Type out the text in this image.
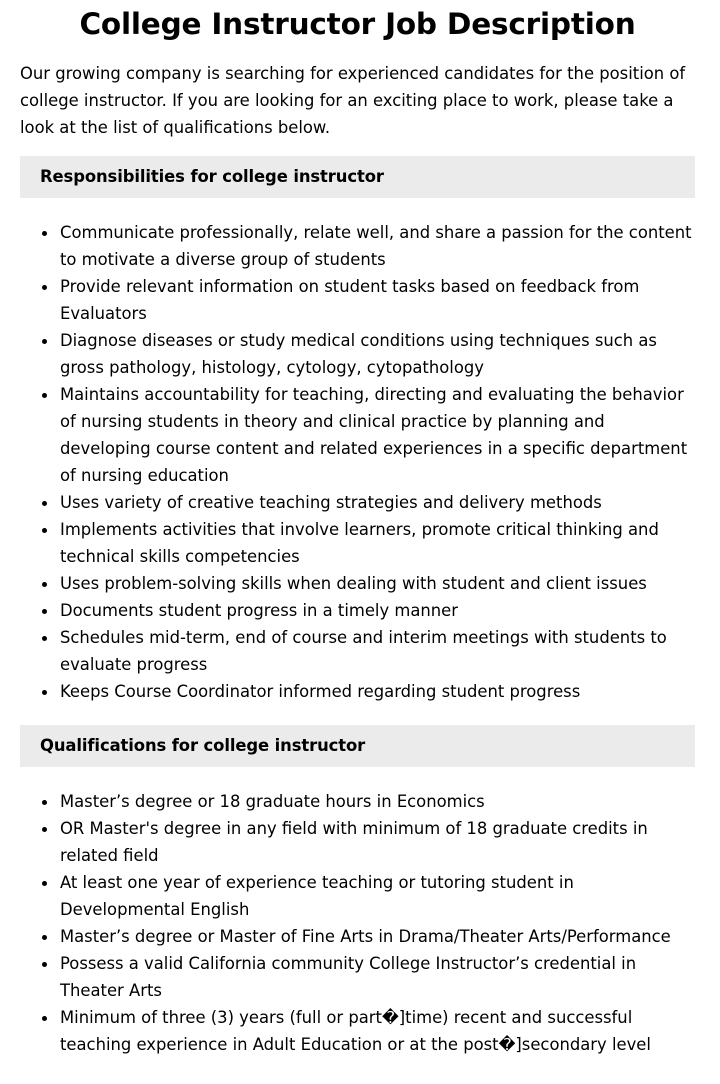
College Instructor Job Description

Our growing company is searching for experienced candidates for the position of college instructor. If you are looking for an exciting place to work, please take a look at the list of qualifications below.

Responsibilities for college instructor
Communicate professionally, relate well, and share a passion for the content to motivate a diverse group of students
Provide relevant information on student tasks based on feedback from Evaluators
Diagnose diseases or study medical conditions using techniques such as gross pathology, histology, cytology, cytopathology
Maintains accountability for teaching, directing and evaluating the behavior of nursing students in theory and clinical practice by planning and developing course content and related experiences in a specific department of nursing education
Uses variety of creative teaching strategies and delivery methods
Implements activities that involve learners, promote critical thinking and technical skills competencies
Uses problem-solving skills when dealing with student and client issues
Documents student progress in a timely manner
Schedules mid-term, end of course and interim meetings with students to evaluate progress
Keeps Course Coordinator informed regarding student progress
Qualifications for college instructor
Master’s degree or 18 graduate hours in Economics
OR Master's degree in any field with minimum of 18 graduate credits in related field
At least one year of experience teaching or tutoring student in Developmental English
Master’s degree or Master of Fine Arts in Drama/Theater Arts/Performance
Possess a valid California community College Instructor’s credential in Theater Arts
Minimum of three (3) years (full or part�]time) recent and successful teaching experience in Adult Education or at the post�]secondary level
